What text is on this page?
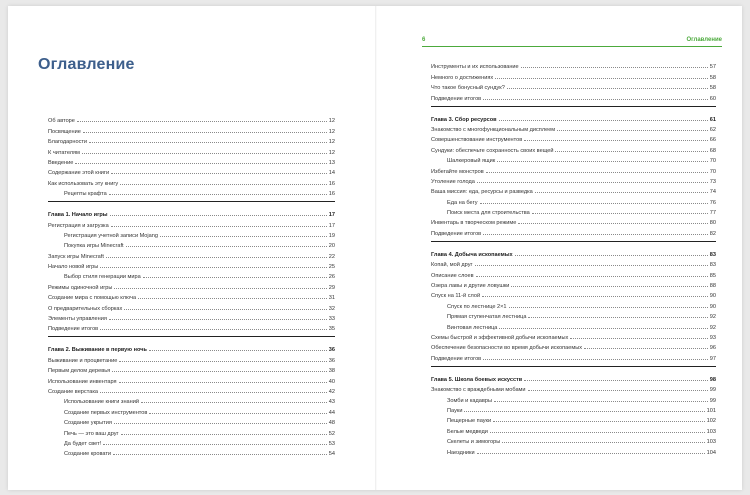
Оглавление
Об авторе	12
Посвящение	12
Благодарности	12
К читателям	12
Введение	13
Содержание этой книги	14
Как использовать эту книгу	16
Рецепты крафта	16
Глава 1. Начало игры	17
Регистрация и загрузка	17
Регистрация учетной записи Mojang	19
Покупка игры Minecraft	20
Запуск игры Minecraft	22
Начало новой игры	25
Выбор стиля генерации мира	26
Режимы одиночной игры	29
Создание мира с помощью ключа	31
О предварительных сборках	32
Элементы управления	33
Подведение итогов	35
Глава 2. Выживание в первую ночь	36
Выживание и процветание	36
Первым делом деревья	38
Использование инвентаря	40
Создание верстака	42
Использование книги знаний	43
Создание первых инструментов	44
Создание укрытия	48
Печь — это ваш друг	52
Да будет свет!	53
Создание кровати	54
6	Оглавление
Инструменты и их использование	57
Немного о достижениях	58
Что такое бонусный сундук?	58
Подведение итогов	60
Глава 3. Сбор ресурсов	61
Знакомство с многофункциональным дисплеем	62
Совершенствование инструментов	66
Сундуки: обеспечьте сохранность своих вещей	68
Шалкеровый ящик	70
Избегайте монстров	70
Утоление голода	73
Ваша миссия: еда, ресурсы и разведка	74
Еда на бегу	76
Поиск места для строительства	77
Инвентарь в творческом режиме	80
Подведение итогов	82
Глава 4. Добыча ископаемых	83
Копай, мой друг	83
Описание слоев	85
Озера лавы и другие ловушки	88
Спуск на 11-й слой	90
Спуск по лестнице 2×1	90
Прямая ступенчатая лестница	92
Винтовая лестница	92
Схемы быстрой и эффективной добычи ископаемых	93
Обеспечение безопасности во время добычи ископаемых	96
Подведение итогов	97
Глава 5. Школа боевых искусств	98
Знакомство с враждебными мобами	99
Зомби и кадавры	99
Пауки	101
Пещерные пауки	102
Белые медведи	103
Скелеты и зимогоры	103
Наездники	104
